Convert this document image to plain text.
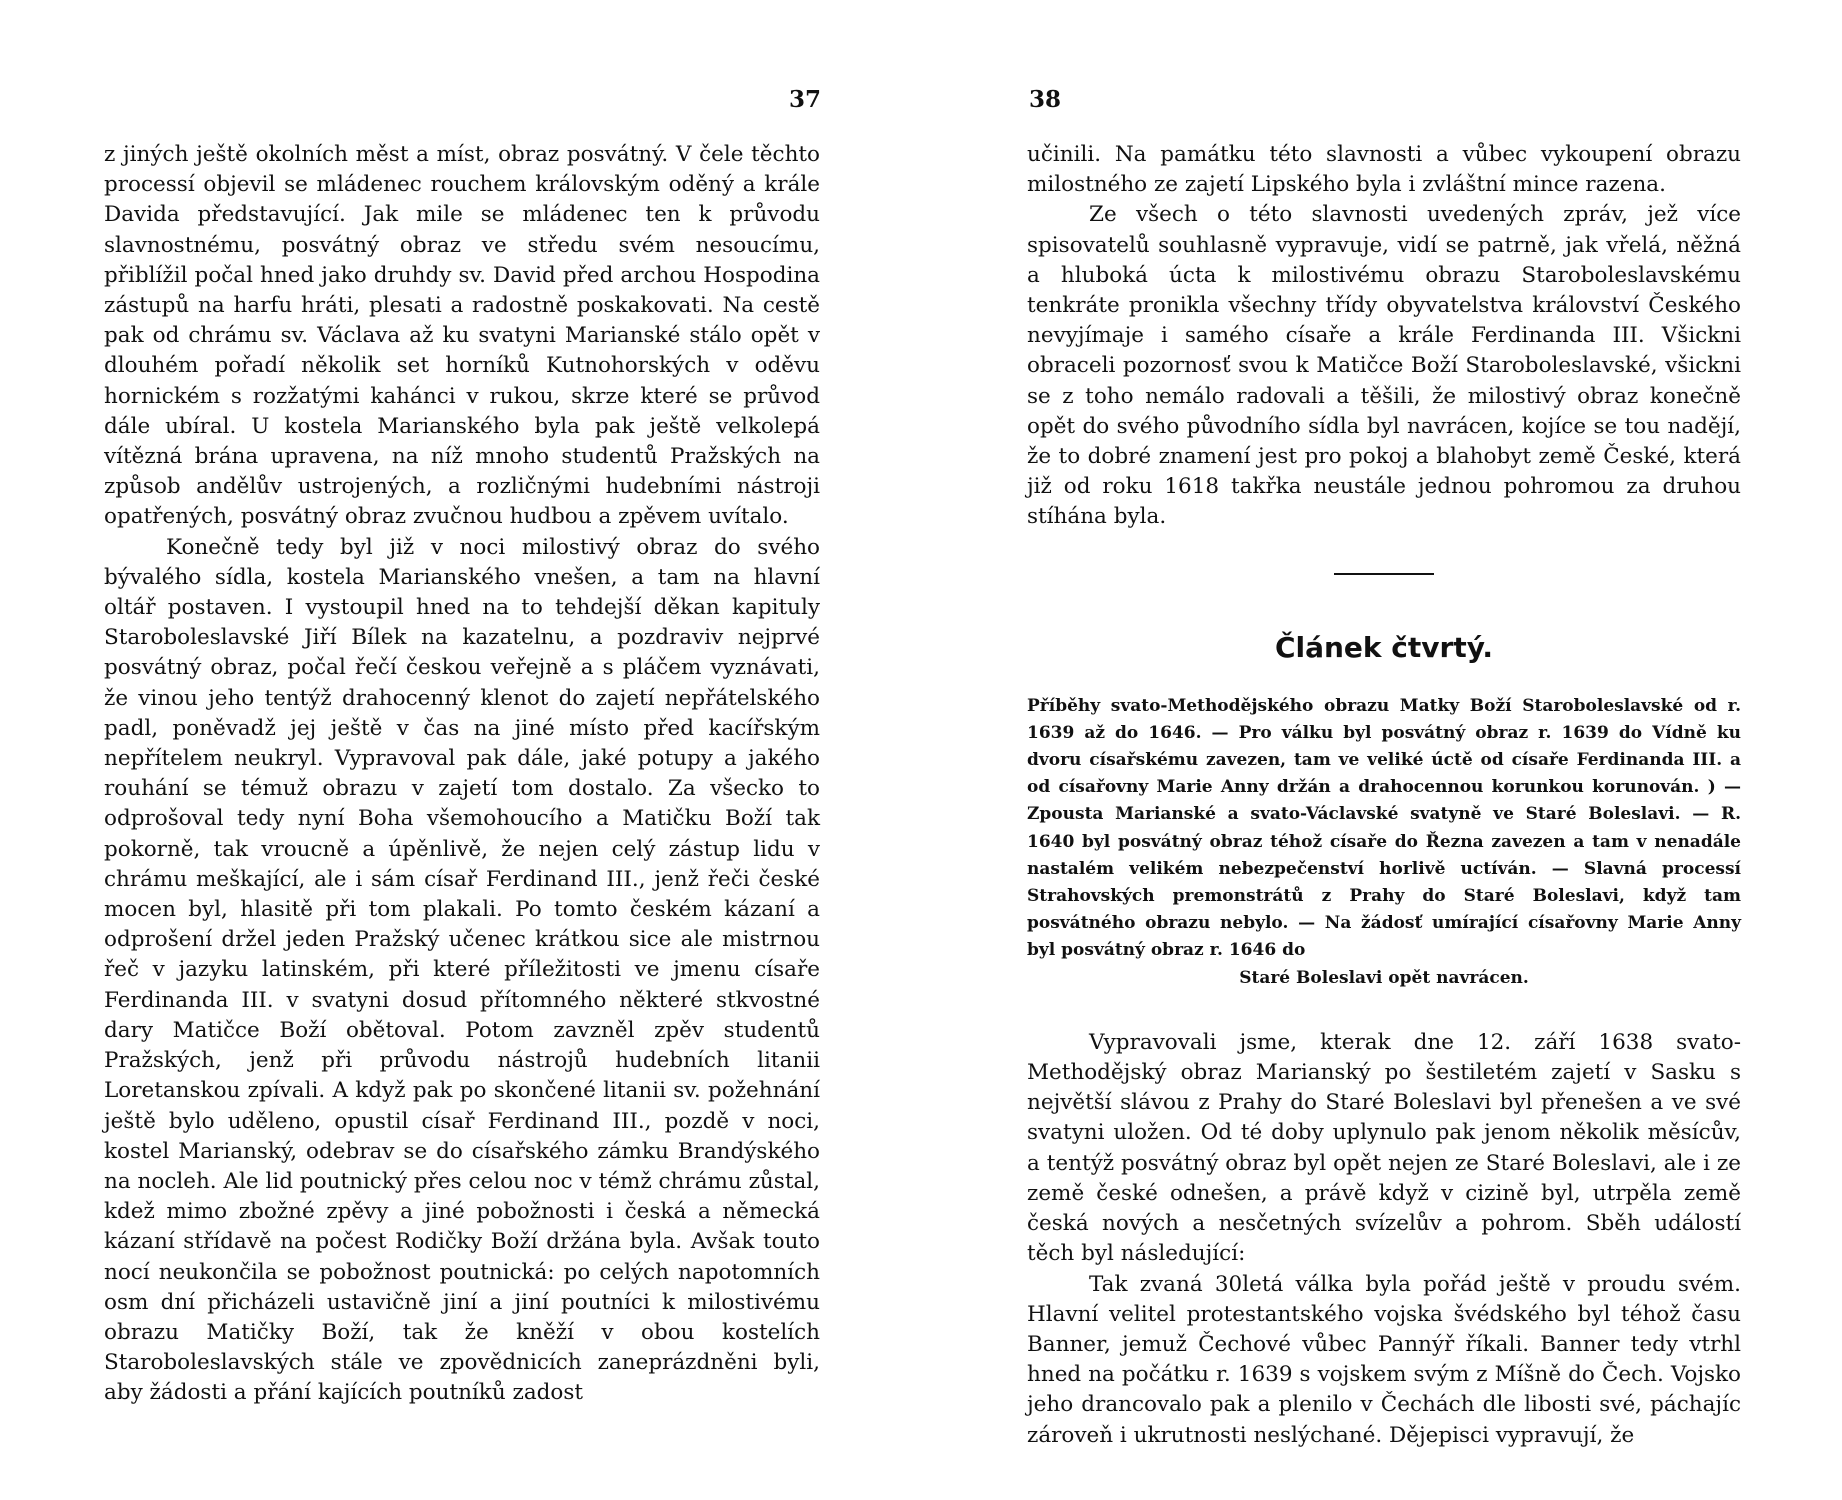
37

z jiných ještě okolních měst a míst, obraz posvátný. V čele těchto processí objevil se mládenec rouchem královským oděný a krále Davida představující. Jak mile se mládenec ten k průvodu slavnostnému, posvátný obraz ve středu svém nesoucímu, přiblížil počal hned jako druhdy sv. David před archou Hospodina zástupů na harfu hráti, plesati a radostně poskakovati. Na cestě pak od chrámu sv. Václava až ku svatyni Marianské stálo opět v dlouhém pořadí několik set horníků Kutnohorských v oděvu hornickém s rozžatými kahánci v rukou, skrze které se průvod dále ubíral. U kostela Marianského byla pak ještě velkolepá vítězná brána upravena, na níž mnoho studentů Pražských na způsob andělův ustrojených, a rozličnými hudebními nástroji opatřených, posvátný obraz zvučnou hudbou a zpěvem uvítalo.

Konečně tedy byl již v noci milostivý obraz do svého bývalého sídla, kostela Marianského vnešen, a tam na hlavní oltář postaven. I vystoupil hned na to tehdejší děkan kapituly Staroboleslavské Jiří Bílek na kazatelnu, a pozdraviv nejprvé posvátný obraz, počal řečí českou veřejně a s pláčem vyznávati, že vinou jeho tentýž drahocenný klenot do zajetí nepřátelského padl, poněvadž jej ještě v čas na jiné místo před kacířským nepřítelem neukryl. Vypravoval pak dále, jaké potupy a jakého rouhání se témuž obrazu v zajetí tom dostalo. Za všecko to odprošoval tedy nyní Boha všemohoucího a Matičku Boží tak pokorně, tak vroucně a úpěnlivě, že nejen celý zástup lidu v chrámu meškající, ale i sám císař Ferdinand III., jenž řeči české mocen byl, hlasitě při tom plakali. Po tomto českém kázaní a odprošení držel jeden Pražský učenec krátkou sice ale mistrnou řeč v jazyku latinském, při které příležitosti ve jmenu císaře Ferdinanda III. v svatyni dosud přítomného některé stkvostné dary Matičce Boží obětoval. Potom zavzněl zpěv studentů Pražských, jenž při průvodu nástrojů hudebních litanii Loretanskou zpívali. A když pak po skončené litanii sv. požehnání ještě bylo uděleno, opustil císař Ferdinand III., pozdě v noci, kostel Marianský, odebrav se do císařského zámku Brandýského na nocleh. Ale lid poutnický přes celou noc v témž chrámu zůstal, kdež mimo zbožné zpěvy a jiné pobožnosti i česká a německá kázaní střídavě na počest Rodičky Boží držána byla. Avšak touto nocí neukončila se pobožnost poutnická: po celých napotomních osm dní přicházeli ustavičně jiní a jiní poutníci k milostivému obrazu Matičky Boží, tak že kněží v obou kostelích Staroboleslavských stále ve zpovědnicích zaneprázdněni byli, aby žádosti a přání kajících poutníků zadost

38

učinili. Na památku této slavnosti a vůbec vykoupení obrazu milostného ze zajetí Lipského byla i zvláštní mince razena.

Ze všech o této slavnosti uvedených zpráv, jež více spisovatelů souhlasně vypravuje, vidí se patrně, jak vřelá, něžná a hluboká úcta k milostivému obrazu Staroboleslavskému tenkráte pronikla všechny třídy obyvatelstva království Českého nevyjímaje i samého císaře a krále Ferdinanda III. Všickni obraceli pozornosť svou k Matičce Boží Staroboleslavské, všickni se z toho nemálo radovali a těšili, že milostivý obraz konečně opět do svého původního sídla byl navrácen, kojíce se tou nadějí, že to dobré znamení jest pro pokoj a blahobyt země České, která již od roku 1618 takřka neustále jednou pohromou za druhou stíhána byla.

Článek čtvrtý.
Příběhy svato-Methodějského obrazu Matky Boží Staroboleslavské od r. 1639 až do 1646. — Pro válku byl posvátný obraz r. 1639 do Vídně ku dvoru císařskému zavezen, tam ve veliké úctě od císaře Ferdinanda III. a od císařovny Marie Anny držán a drahocennou korunkou korunován. ) — Zpousta Marianské a svato-Václavské svatyně ve Staré Boleslavi. — R. 1640 byl posvátný obraz téhož císaře do Řezna zavezen a tam v nenadále nastalém velikém nebezpečenství horlivě uctíván. — Slavná processí Strahovských premonstrátů z Prahy do Staré Boleslavi, když tam posvátného obrazu nebylo. — Na žádosť umírající císařovny Marie Anny byl posvátný obraz r. 1646 do
Staré Boleslavi opět navrácen.

Vypravovali jsme, kterak dne 12. září 1638 svato-Methodějský obraz Marianský po šestiletém zajetí v Sasku s největší slávou z Prahy do Staré Boleslavi byl přenešen a ve své svatyni uložen. Od té doby uplynulo pak jenom několik měsícův, a tentýž posvátný obraz byl opět nejen ze Staré Boleslavi, ale i ze země české odnešen, a právě když v cizině byl, utrpěla země česká nových a nesčetných svízelův a pohrom. Sběh událostí těch byl následující:

Tak zvaná 30letá válka byla pořád ještě v proudu svém. Hlavní velitel protestantského vojska švédského byl téhož času Banner, jemuž Čechové vůbec Pannýř říkali. Banner tedy vtrhl hned na počátku r. 1639 s vojskem svým z Míšně do Čech. Vojsko jeho drancovalo pak a plenilo v Čechách dle libosti své, páchajíc zároveň i ukrutnosti neslýchané. Dějepisci vypravují, že
